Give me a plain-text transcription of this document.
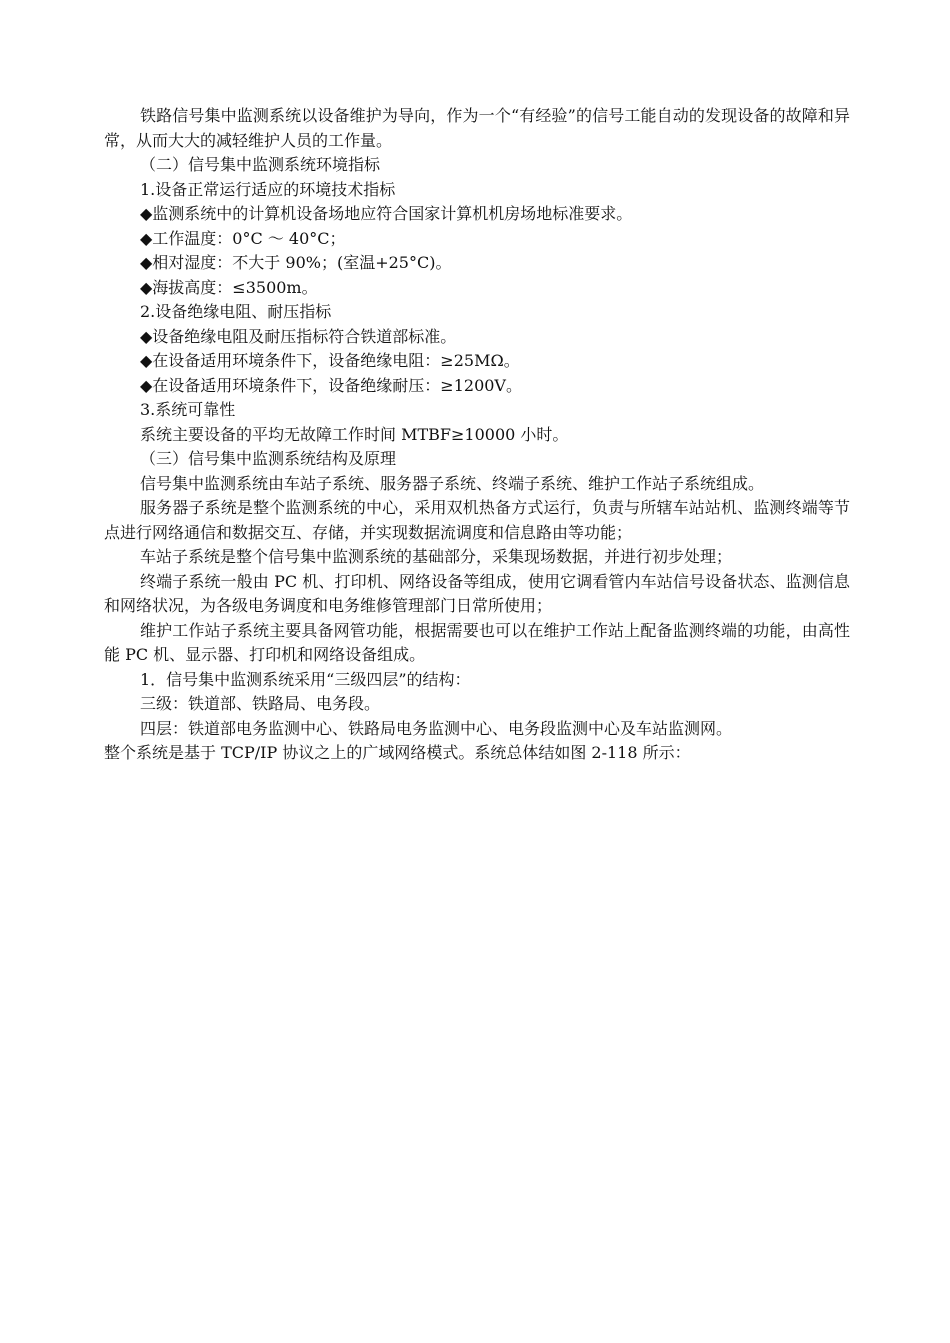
铁路信号集中监测系统以设备维护为导向，作为一个“有经验”的信号工能自动的发现设备的故障和异常，从而大大的减轻维护人员的工作量。

（二）信号集中监测系统环境指标

1.设备正常运行适应的环境技术指标

◆监测系统中的计算机设备场地应符合国家计算机机房场地标准要求。

◆工作温度：0°C ～ 40°C；

◆相对湿度：不大于 90%；(室温+25°C)。

◆海拔高度：≤3500m。

2.设备绝缘电阻、耐压指标

◆设备绝缘电阻及耐压指标符合铁道部标准。

◆在设备适用环境条件下，设备绝缘电阻：≥25MΩ。

◆在设备适用环境条件下，设备绝缘耐压：≥1200V。

3.系统可靠性

系统主要设备的平均无故障工作时间 MTBF≥10000 小时。

（三）信号集中监测系统结构及原理

信号集中监测系统由车站子系统、服务器子系统、终端子系统、维护工作站子系统组成。

服务器子系统是整个监测系统的中心，采用双机热备方式运行，负责与所辖车站站机、监测终端等节点进行网络通信和数据交互、存储，并实现数据流调度和信息路由等功能；

车站子系统是整个信号集中监测系统的基础部分，采集现场数据，并进行初步处理；

终端子系统一般由 PC 机、打印机、网络设备等组成，使用它调看管内车站信号设备状态、监测信息和网络状况，为各级电务调度和电务维修管理部门日常所使用；

维护工作站子系统主要具备网管功能，根据需要也可以在维护工作站上配备监测终端的功能，由高性能 PC 机、显示器、打印机和网络设备组成。

1．信号集中监测系统采用“三级四层”的结构：

三级：铁道部、铁路局、电务段。

四层：铁道部电务监测中心、铁路局电务监测中心、电务段监测中心及车站监测网。

整个系统是基于 TCP/IP 协议之上的广域网络模式。系统总体结如图 2-118 所示：
